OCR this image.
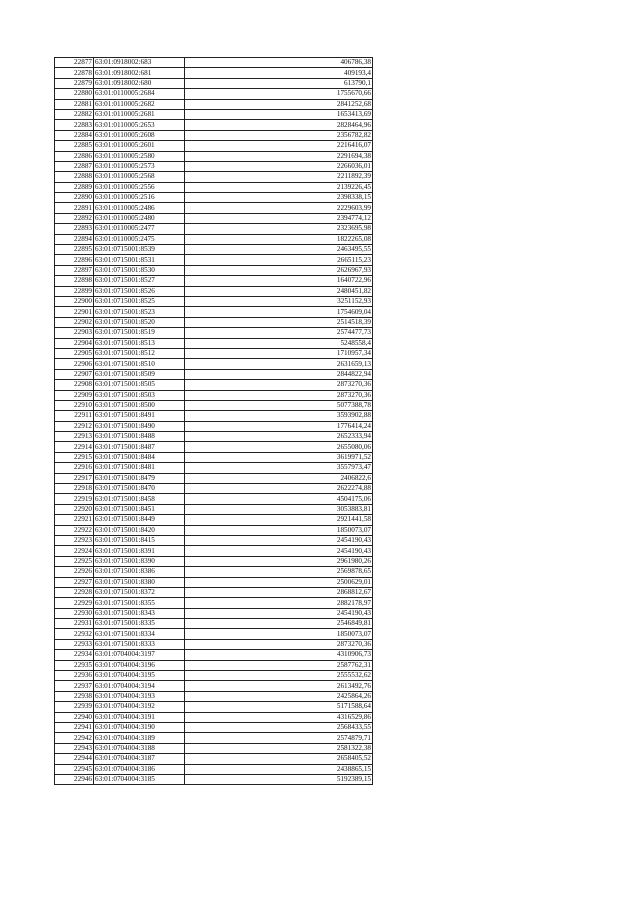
22877	63:01:0918002:683	406786,38
22878	63:01:0918002:681	409193,4
22879	63:01:0918002:680	613790,1
22880	63:01:0110005:2684	1755670,66
22881	63:01:0110005:2682	2841252,68
22882	63:01:0110005:2681	1653413,69
22883	63:01:0110005:2653	2828464,96
22884	63:01:0110005:2608	2356782,82
22885	63:01:0110005:2601	2216416,07
22886	63:01:0110005:2580	2291694,38
22887	63:01:0110005:2573	2266036,01
22888	63:01:0110005:2568	2211892,39
22889	63:01:0110005:2556	2139226,45
22890	63:01:0110005:2516	2398338,15
22891	63:01:0110005:2486	2229603,99
22892	63:01:0110005:2480	2394774,12
22893	63:01:0110005:2477	2323695,98
22894	63:01:0110005:2475	1822265,08
22895	63:01:0715001:8539	2463495,55
22896	63:01:0715001:8531	2665115,23
22897	63:01:0715001:8530	2626967,93
22898	63:01:0715001:8527	1640722,96
22899	63:01:0715001:8526	2480451,82
22900	63:01:0715001:8525	3251152,93
22901	63:01:0715001:8523	1754609,04
22902	63:01:0715001:8520	2514518,39
22903	63:01:0715001:8519	2574477,73
22904	63:01:0715001:8513	5248558,4
22905	63:01:0715001:8512	1710957,34
22906	63:01:0715001:8510	2631659,13
22907	63:01:0715001:8509	2844822,94
22908	63:01:0715001:8505	2873270,36
22909	63:01:0715001:8503	2873270,36
22910	63:01:0715001:8500	5077388,78
22911	63:01:0715001:8491	3593902,88
22912	63:01:0715001:8490	1776414,24
22913	63:01:0715001:8488	2652333,94
22914	63:01:0715001:8487	2655080,06
22915	63:01:0715001:8484	3619971,52
22916	63:01:0715001:8481	3557973,47
22917	63:01:0715001:8479	2406822,6
22918	63:01:0715001:8470	2622274,88
22919	63:01:0715001:8458	4504175,06
22920	63:01:0715001:8451	3053883,81
22921	63:01:0715001:8449	2921441,58
22922	63:01:0715001:8420	1850073,07
22923	63:01:0715001:8415	2454190,43
22924	63:01:0715001:8391	2454190,43
22925	63:01:0715001:8390	2961980,26
22926	63:01:0715001:8386	2569878,65
22927	63:01:0715001:8380	2500629,01
22928	63:01:0715001:8372	2868812,67
22929	63:01:0715001:8355	2882178,97
22930	63:01:0715001:8343	2454190,43
22931	63:01:0715001:8335	2546849,81
22932	63:01:0715001:8334	1850073,07
22933	63:01:0715001:8333	2873270,36
22934	63:01:0704004:3197	4310906,73
22935	63:01:0704004:3196	2587762,31
22936	63:01:0704004:3195	2555532,62
22937	63:01:0704004:3194	2613492,76
22938	63:01:0704004:3193	2425864,26
22939	63:01:0704004:3192	5171588,64
22940	63:01:0704004:3191	4316529,86
22941	63:01:0704004:3190	2568433,55
22942	63:01:0704004:3189	2574879,71
22943	63:01:0704004:3188	2581322,38
22944	63:01:0704004:3187	2658405,52
22945	63:01:0704004:3186	2438865,15
22946	63:01:0704004:3185	5192389,15
